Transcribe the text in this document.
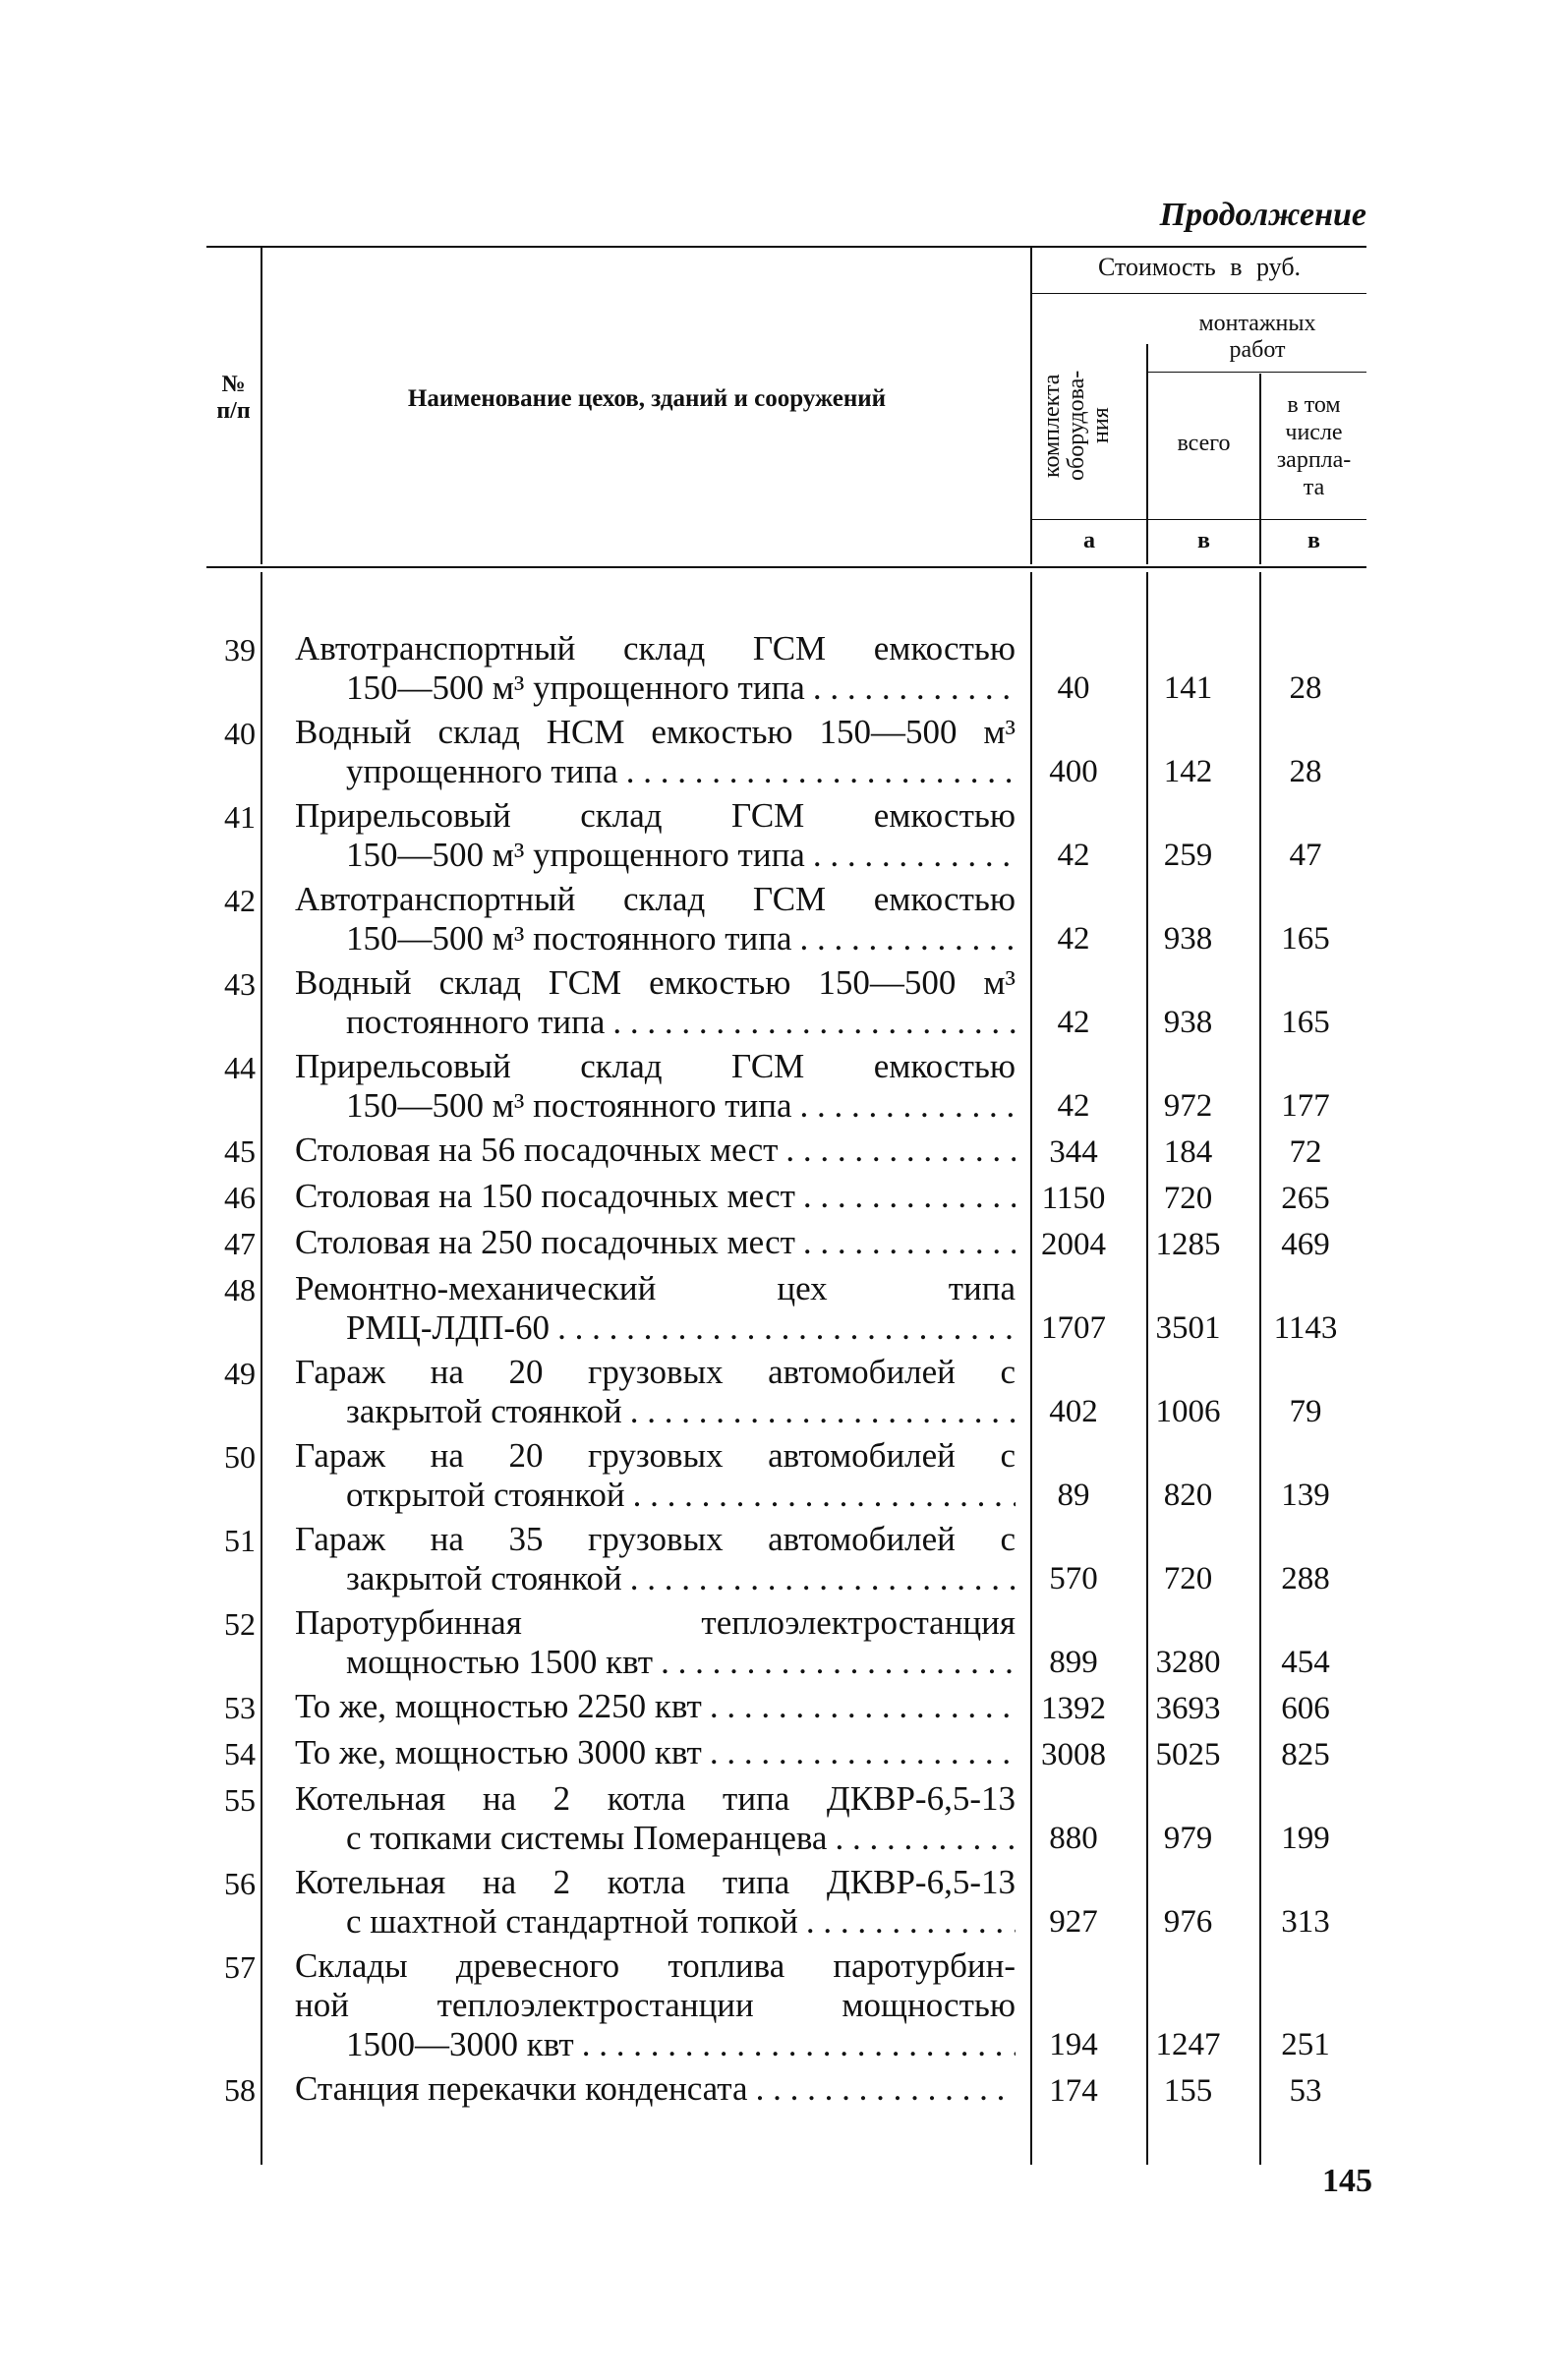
Продолжение
№
п/п	Наименование цехов, зданий и сооружений
Стоимость в руб.
комплекта
оборудова-
ния
монтажных
работ
всего
в том
числе
зарпла-
та
а	в	в
39 Автотранспортный склад ГСМ емкостью
150—500 м³ упрощенного типа . . .	40	141	28
40 Водный склад НСМ емкостью 150—500 м³
упрощенного типа . . .	400	142	28
41 Прирельсовый склад ГСМ емкостью
150—500 м³ упрощенного типа . . .	42	259	47
42 Автотранспортный склад ГСМ емкостью
150—500 м³ постоянного типа . . .	42	938	165
43 Водный склад ГСМ емкостью 150—500 м³
постоянного типа . . .	42	938	165
44 Прирельсовый склад ГСМ емкостью
150—500 м³ постоянного типа . . .	42	972	177
45 Столовая на 56 посадочных мест . . .	344	184	72
46 Столовая на 150 посадочных мест . . .	1150	720	265
47 Столовая на 250 посадочных мест . . .	2004	1285	469
48 Ремонтно-механический цех типа
РМЦ-ЛДП-60 . . .	1707	3501	1143
49 Гараж на 20 грузовых автомобилей с
закрытой стоянкой . . .	402	1006	79
50 Гараж на 20 грузовых автомобилей с
открытой стоянкой . . .	89	820	139
51 Гараж на 35 грузовых автомобилей с
закрытой стоянкой . . .	570	720	288
52 Паротурбинная теплоэлектростанция
мощностью 1500 квт . . .	899	3280	454
53 То же, мощностью 2250 квт . . .	1392	3693	606
54 То же, мощностью 3000 квт . . .	3008	5025	825
55 Котельная на 2 котла типа ДКВР-6,5-13
с топками системы Померанцева . . .	880	979	199
56 Котельная на 2 котла типа ДКВР-6,5-13
с шахтной стандартной топкой . . .	927	976	313
57 Склады древесного топлива паротурбин-
ной теплоэлектростанции мощностью
1500—3000 квт . . .	194	1247	251
58 Станция перекачки конденсата . . .	174	155	53
145
